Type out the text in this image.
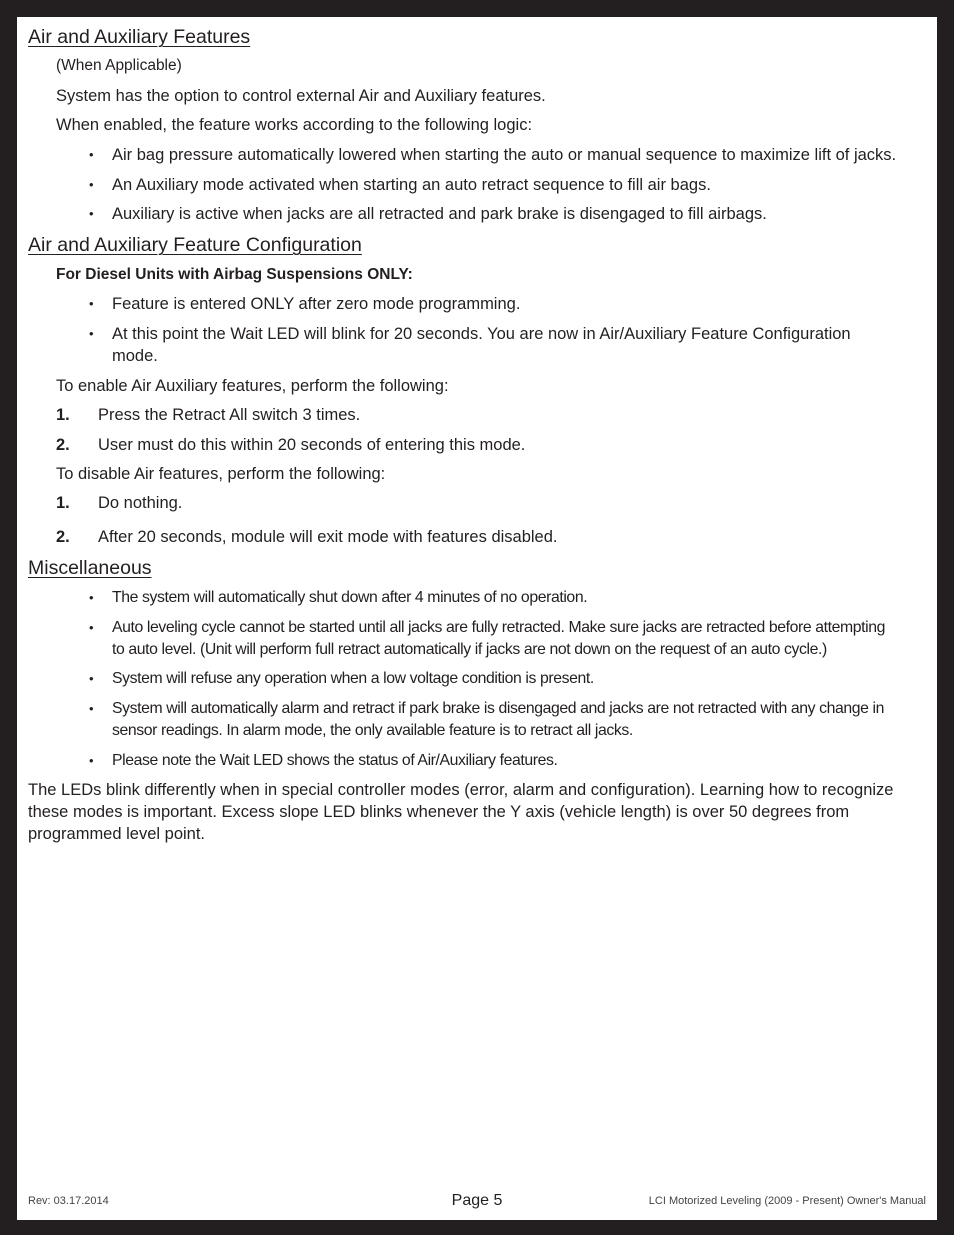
Air and Auxiliary Features

(When Applicable)

System has the option to control external Air and Auxiliary features.

When enabled, the feature works according to the following logic:

• Air bag pressure automatically lowered when starting the auto or manual sequence to maximize lift of jacks.
• An Auxiliary mode activated when starting an auto retract sequence to fill air bags.
• Auxiliary is active when jacks are all retracted and park brake is disengaged to fill airbags.
Air and Auxiliary Feature Configuration

For Diesel Units with Airbag Suspensions ONLY:

• Feature is entered ONLY after zero mode programming.
• At this point the Wait LED will blink for 20 seconds. You are now in Air/Auxiliary Feature Configuration mode.

To enable Air Auxiliary features, perform the following:

1. Press the Retract All switch 3 times.
2. User must do this within 20 seconds of entering this mode.

To disable Air features, perform the following:

1. Do nothing.
2. After 20 seconds, module will exit mode with features disabled.
Miscellaneous
• The system will automatically shut down after 4 minutes of no operation.
• Auto leveling cycle cannot be started until all jacks are fully retracted. Make sure jacks are retracted before attempting to auto level. (Unit will perform full retract automatically if jacks are not down on the request of an auto cycle.)
• System will refuse any operation when a low voltage condition is present.
• System will automatically alarm and retract if park brake is disengaged and jacks are not retracted with any change in sensor readings. In alarm mode, the only available feature is to retract all jacks.
• Please note the Wait LED shows the status of Air/Auxiliary features.

The LEDs blink differently when in special controller modes (error, alarm and configuration). Learning how to recognize these modes is important. Excess slope LED blinks whenever the Y axis (vehicle length) is over 50 degrees from programmed level point.

Rev: 03.17.2014	Page 5	LCI Motorized Leveling (2009 - Present) Owner's Manual
